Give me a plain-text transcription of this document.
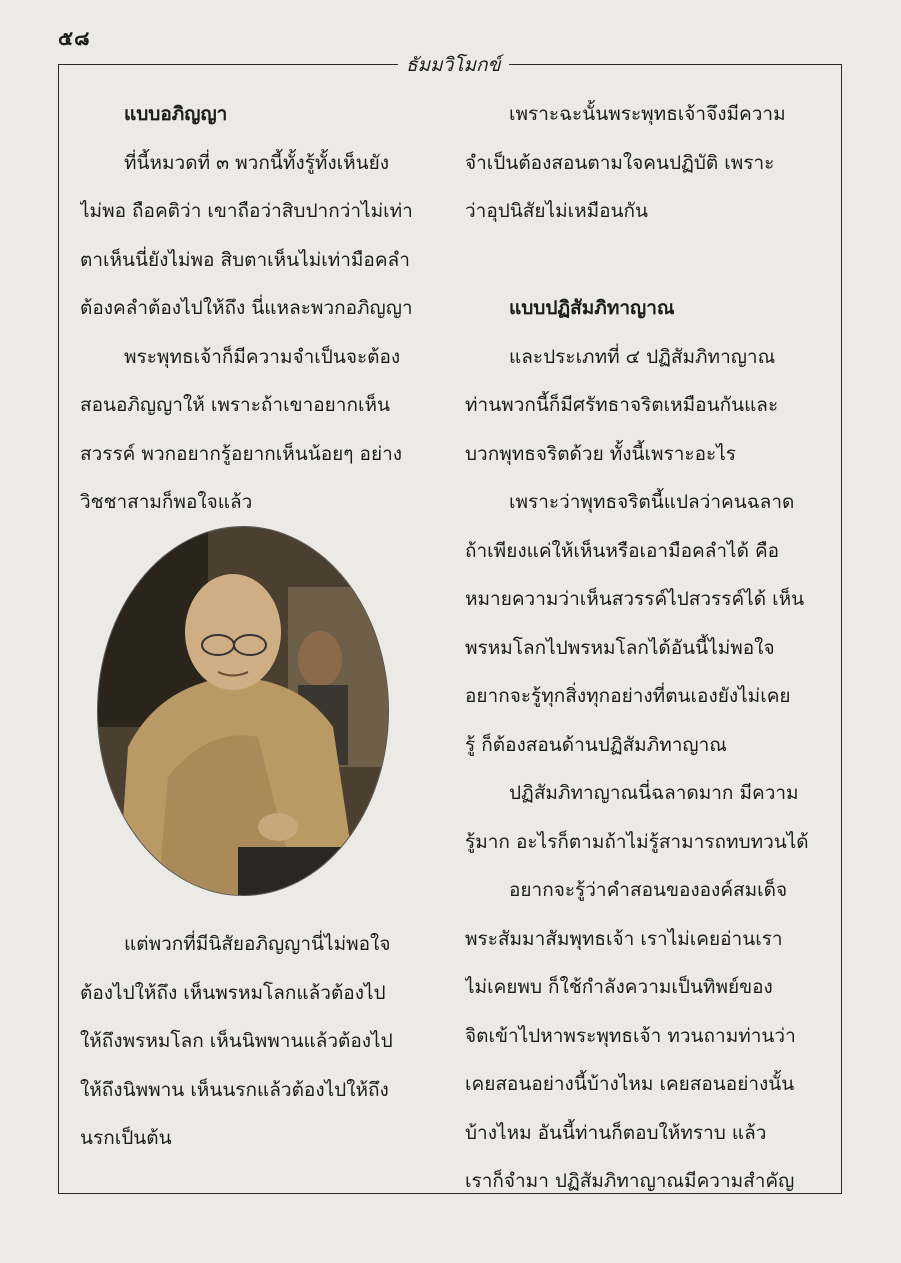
๕๘
ธัมมวิโมกข์
แบบอภิญญา
ที่นี้หมวดที่ ๓ พวกนี้ทั้งรู้ทั้งเห็นยัง
ไม่พอ ถือคติว่า เขาถือว่าสิบปากว่าไม่เท่า
ตาเห็นนี่ยังไม่พอ สิบตาเห็นไม่เท่ามือคลำ
ต้องคลำต้องไปให้ถึง นี่แหละพวกอภิญญา
พระพุทธเจ้าก็มีความจำเป็นจะต้อง
สอนอภิญญาให้ เพราะถ้าเขาอยากเห็น
สวรรค์ พวกอยากรู้อยากเห็นน้อยๆ อย่าง
วิชชาสามก็พอใจแล้ว
แต่พวกที่มีนิสัยอภิญญานี่ไม่พอใจ
ต้องไปให้ถึง เห็นพรหมโลกแล้วต้องไป
ให้ถึงพรหมโลก เห็นนิพพานแล้วต้องไป
ให้ถึงนิพพาน เห็นนรกแล้วต้องไปให้ถึง
นรกเป็นต้น
เพราะฉะนั้นพระพุทธเจ้าจึงมีความ
จำเป็นต้องสอนตามใจคนปฏิบัติ เพราะ
ว่าอุปนิสัยไม่เหมือนกัน
แบบปฏิสัมภิทาญาณ
และประเภทที่ ๔ ปฏิสัมภิทาญาณ
ท่านพวกนี้ก็มีศรัทธาจริตเหมือนกันและ
บวกพุทธจริตด้วย ทั้งนี้เพราะอะไร
เพราะว่าพุทธจริตนี้แปลว่าคนฉลาด
ถ้าเพียงแค่ให้เห็นหรือเอามือคลำได้ คือ
หมายความว่าเห็นสวรรค์ไปสวรรค์ได้ เห็น
พรหมโลกไปพรหมโลกได้อันนี้ไม่พอใจ
อยากจะรู้ทุกสิ่งทุกอย่างที่ตนเองยังไม่เคย
รู้ ก็ต้องสอนด้านปฏิสัมภิทาญาณ
ปฏิสัมภิทาญาณนี่ฉลาดมาก มีความ
รู้มาก อะไรก็ตามถ้าไม่รู้สามารถทบทวนได้
อยากจะรู้ว่าคำสอนขององค์สมเด็จ
พระสัมมาสัมพุทธเจ้า เราไม่เคยอ่านเรา
ไม่เคยพบ ก็ใช้กำลังความเป็นทิพย์ของ
จิตเข้าไปหาพระพุทธเจ้า ทวนถามท่านว่า
เคยสอนอย่างนี้บ้างไหม เคยสอนอย่างนั้น
บ้างไหม อันนี้ท่านก็ตอบให้ทราบ แล้ว
เราก็จำมา ปฏิสัมภิทาญาณมีความสำคัญ
